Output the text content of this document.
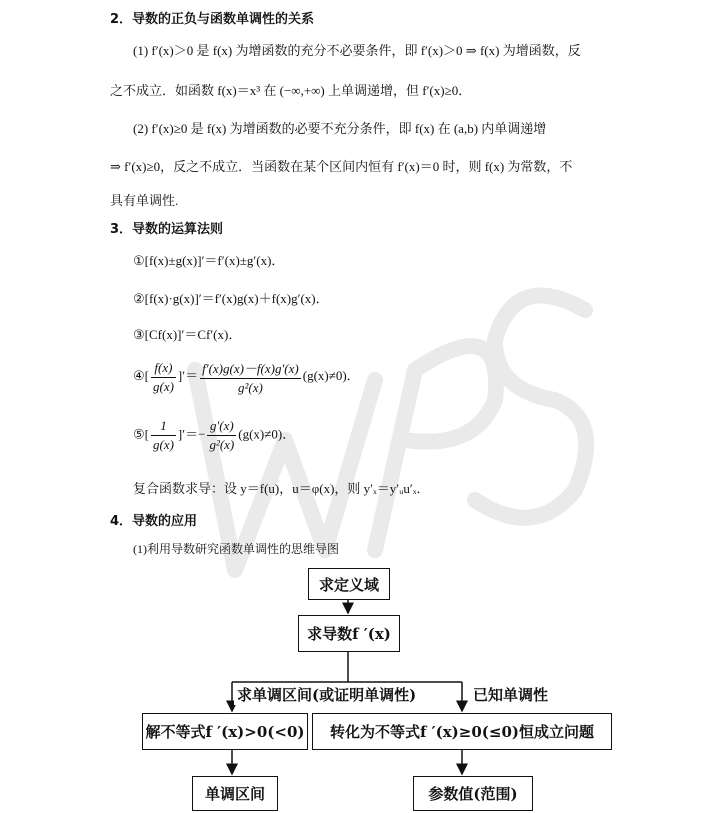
2．导数的正负与函数单调性的关系
(1) f′(x)＞0 是 f(x) 为增函数的充分不必要条件，即 f′(x)＞0 ⇒ f(x) 为增函数，反
之不成立．如函数 f(x)＝x³ 在 (−∞,+∞) 上单调递增，但 f′(x)≥0．
(2) f′(x)≥0 是 f(x) 为增函数的必要不充分条件，即 f(x) 在 (a,b) 内单调递增
⇒ f′(x)≥0，反之不成立．当函数在某个区间内恒有 f′(x)＝0 时，则 f(x) 为常数，不
具有单调性.
3．导数的运算法则
①[f(x)±g(x)]′＝f′(x)±g′(x)．
②[f(x)·g(x)]′＝f′(x)g(x)＋f(x)g′(x)．
③[Cf(x)]′＝Cf′(x)．
④[ $\frac{f(x)}{g(x)}$ ]′＝ $\frac{f'(x)g(x)-f(x)g'(x)}{\text{g²(x)}} (g(x)\ne 0)$．
⑤[ $\frac{1}{g(x)}$ ]′＝− $\frac{g'(x)}{\text{g²(x)}} (g(x)\ne 0)$．
复合函数求导：设 y＝f(u)，u＝φ(x)，则 y′ₓ＝y′ᵤu′ₓ．
4．导数的应用
(1)利用导数研究函数单调性的思维导图
求定义域
求导数f ′(x)
求单调区间(或证明单调性)	已知单调性
解不等式f ′(x)>0(<0)	转化为不等式f ′(x)≥0(≤0)恒成立问题
单调区间	参数值(范围)
